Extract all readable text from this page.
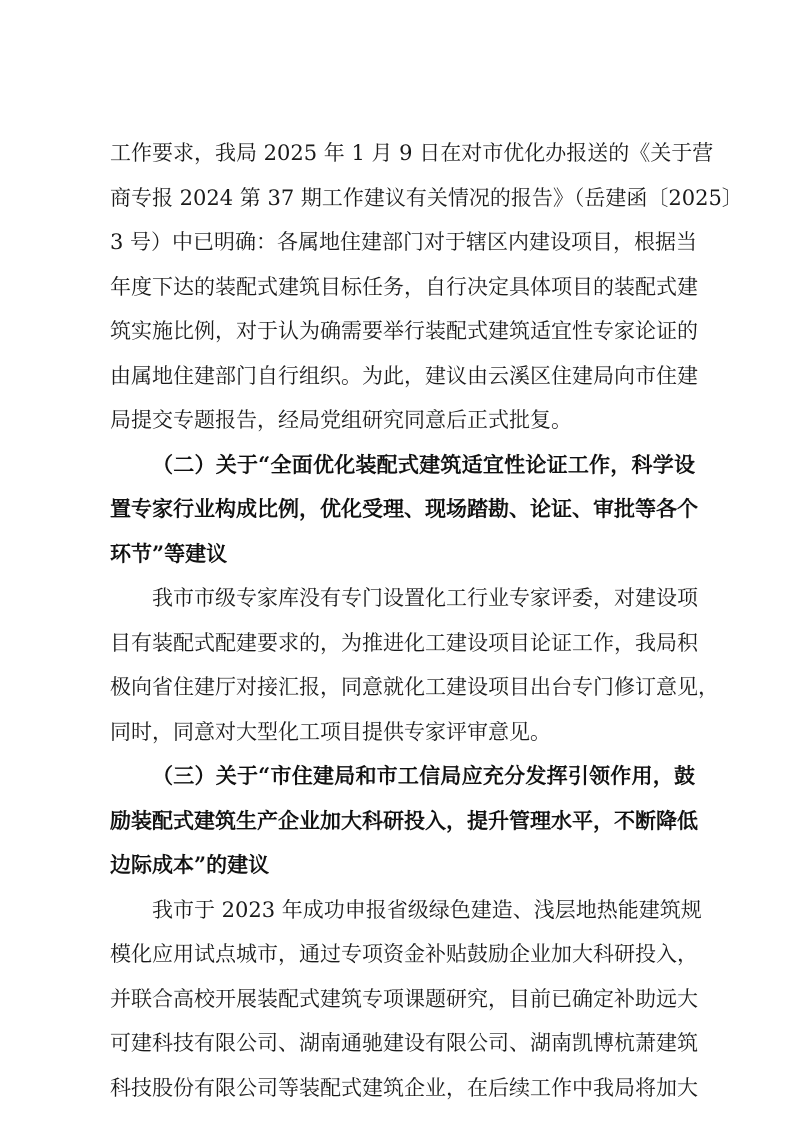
工作要求，我局 2025 年 1 月 9 日在对市优化办报送的《关于营
商专报 2024 第 37 期工作建议有关情况的报告》（岳建函〔2025〕
3 号）中已明确：各属地住建部门对于辖区内建设项目，根据当
年度下达的装配式建筑目标任务，自行决定具体项目的装配式建
筑实施比例，对于认为确需要举行装配式建筑适宜性专家论证的
由属地住建部门自行组织。为此，建议由云溪区住建局向市住建
局提交专题报告，经局党组研究同意后正式批复。
（二）关于“全面优化装配式建筑适宜性论证工作，科学设
置专家行业构成比例，优化受理、现场踏勘、论证、审批等各个
环节”等建议
我市市级专家库没有专门设置化工行业专家评委，对建设项
目有装配式配建要求的，为推进化工建设项目论证工作，我局积
极向省住建厅对接汇报，同意就化工建设项目出台专门修订意见，
同时，同意对大型化工项目提供专家评审意见。
（三）关于“市住建局和市工信局应充分发挥引领作用，鼓
励装配式建筑生产企业加大科研投入，提升管理水平，不断降低
边际成本”的建议
我市于 2023 年成功申报省级绿色建造、浅层地热能建筑规
模化应用试点城市，通过专项资金补贴鼓励企业加大科研投入，
并联合高校开展装配式建筑专项课题研究，目前已确定补助远大
可建科技有限公司、湖南通驰建设有限公司、湖南凯博杭萧建筑
科技股份有限公司等装配式建筑企业，在后续工作中我局将加大
